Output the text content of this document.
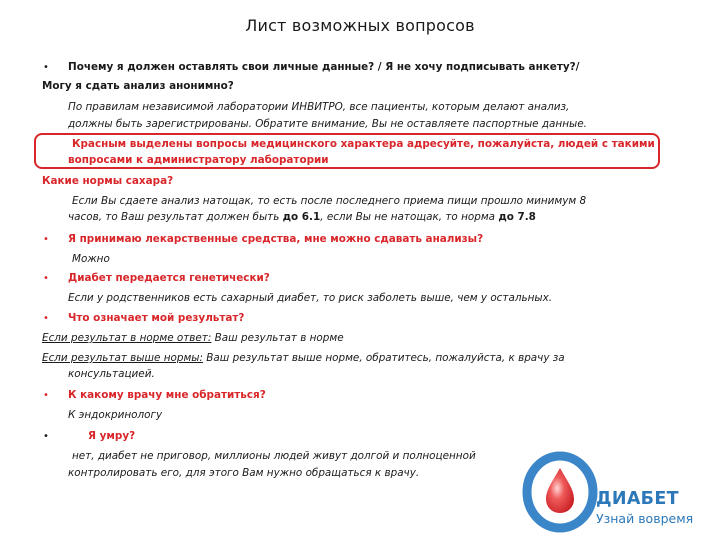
Лист возможных вопросов
• Почему я должен оставлять свои личные данные? / Я не хочу подписывать анкету?/
Могу я сдать анализ анонимно?
По правилам независимой лаборатории ИНВИТРО, все пациенты, которым делают анализ,
должны быть зарегистрированы. Обратите внимание, Вы не оставляете паспортные данные.
Красным выделены вопросы медицинского характера адресуйте, пожалуйста, людей с такими
вопросами к администратору лаборатории
Какие нормы сахара?
Если Вы сдаете анализ натощак, то есть после последнего приема пищи прошло минимум 8
часов, то Ваш результат должен быть до 6.1, если Вы не натощак, то норма до 7.8
• Я принимаю лекарственные средства, мне можно сдавать анализы?
Можно
• Диабет передается генетически?
Если у родственников есть сахарный диабет, то риск заболеть выше, чем у остальных.
• Что означает мой результат?
Если результат в норме ответ: Ваш результат в норме
Если результат выше нормы: Ваш результат выше норме, обратитесь, пожалуйста, к врачу за
консультацией.
• К какому врачу мне обратиться?
К эндокринологу
•	Я умру?
нет, диабет не приговор, миллионы людей живут долгой и полноценной
контролировать его, для этого Вам нужно обращаться к врачу.
ДИАБЕТ
Узнай вовремя
